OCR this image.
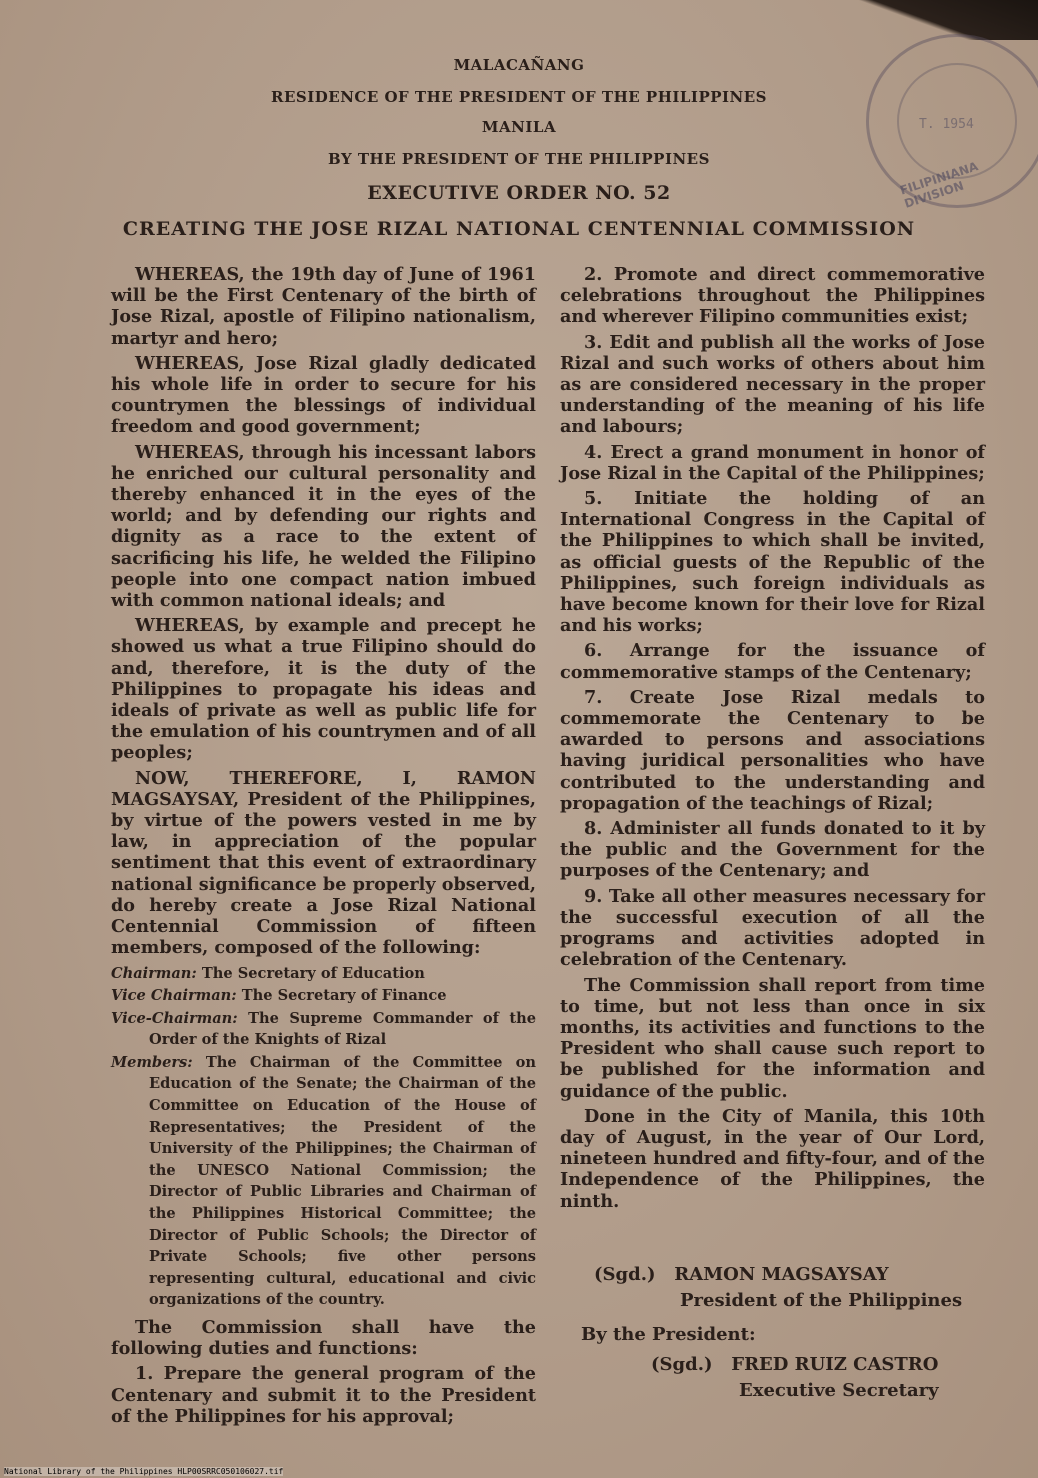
T. 1954
FILIPINIANA DIVISION
MALACAÑANG
RESIDENCE OF THE PRESIDENT OF THE PHILIPPINES
MANILA
BY THE PRESIDENT OF THE PHILIPPINES
EXECUTIVE ORDER NO. 52
CREATING THE JOSE RIZAL NATIONAL CENTENNIAL COMMISSION

WHEREAS, the 19th day of June of 1961 will be the First Centenary of the birth of Jose Rizal, apostle of Filipino nationalism, martyr and hero;

WHEREAS, Jose Rizal gladly dedicated his whole life in order to secure for his countrymen the blessings of individual freedom and good government;

WHEREAS, through his incessant labors he enriched our cultural personality and thereby enhanced it in the eyes of the world; and by defending our rights and dignity as a race to the extent of sacrificing his life, he welded the Filipino people into one compact nation imbued with common national ideals; and

WHEREAS, by example and precept he showed us what a true Filipino should do and, therefore, it is the duty of the Philippines to propagate his ideas and ideals of private as well as public life for the emulation of his countrymen and of all peoples;

NOW, THEREFORE, I, RAMON MAGSAYSAY, President of the Philippines, by virtue of the powers vested in me by law, in appreciation of the popular sentiment that this event of extraordinary national significance be properly observed, do hereby create a Jose Rizal National Centennial Commission of fifteen members, composed of the following:

Chairman: The Secretary of Education
Vice Chairman: The Secretary of Finance
Vice-Chairman: The Supreme Commander of the Order of the Knights of Rizal
Members: The Chairman of the Committee on Education of the Senate; the Chairman of the Committee on Education of the House of Representatives; the President of the University of the Philippines; the Chairman of the UNESCO National Commission; the Director of Public Libraries and Chairman of the Philippines Historical Committee; the Director of Public Schools; the Director of Private Schools; five other persons representing cultural, educational and civic organizations of the country.

The Commission shall have the following duties and functions:

1. Prepare the general program of the Centenary and submit it to the President of the Philippines for his approval;

2. Promote and direct commemorative celebrations throughout the Philippines and wherever Filipino communities exist;

3. Edit and publish all the works of Jose Rizal and such works of others about him as are considered necessary in the proper understanding of the meaning of his life and labours;

4. Erect a grand monument in honor of Jose Rizal in the Capital of the Philippines;

5. Initiate the holding of an International Congress in the Capital of the Philippines to which shall be invited, as official guests of the Republic of the Philippines, such foreign individuals as have become known for their love for Rizal and his works;

6. Arrange for the issuance of commemorative stamps of the Centenary;

7. Create Jose Rizal medals to commemorate the Centenary to be awarded to persons and associations having juridical personalities who have contributed to the understanding and propagation of the teachings of Rizal;

8. Administer all funds donated to it by the public and the Government for the purposes of the Centenary; and

9. Take all other measures necessary for the successful execution of all the programs and activities adopted in celebration of the Centenary.

The Commission shall report from time to time, but not less than once in six months, its activities and functions to the President who shall cause such report to be published for the information and guidance of the public.

Done in the City of Manila, this 10th day of August, in the year of Our Lord, nineteen hundred and fifty-four, and of the Independence of the Philippines, the ninth.

(Sgd.) RAMON MAGSAYSAY
President of the Philippines
By the President:
(Sgd.) FRED RUIZ CASTRO
Executive Secretary
National Library of the Philippines HLP00SRRC050106027.tif
